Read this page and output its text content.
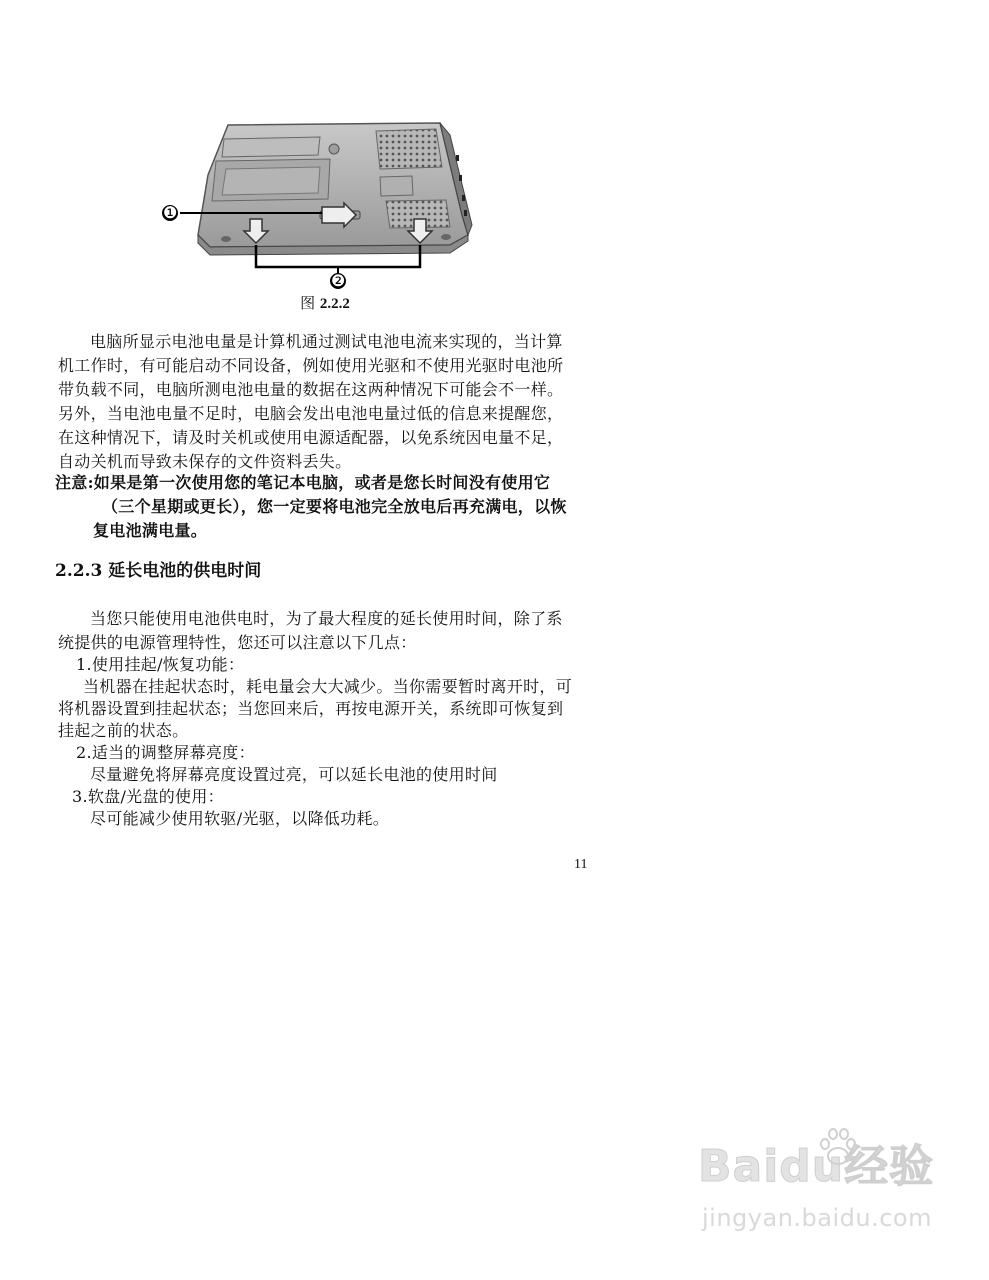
❶
❷
图 2.2.2
电脑所显示电池电量是计算机通过测试电池电流来实现的，当计算
机工作时，有可能启动不同设备，例如使用光驱和不使用光驱时电池所
带负载不同，电脑所测电池电量的数据在这两种情况下可能会不一样。
另外，当电池电量不足时，电脑会发出电池电量过低的信息来提醒您，
在这种情况下，请及时关机或使用电源适配器，以免系统因电量不足，
自动关机而导致未保存的文件资料丢失。
注意:如果是第一次使用您的笔记本电脑，或者是您长时间没有使用它
（三个星期或更长），您一定要将电池完全放电后再充满电，以恢
复电池满电量。
2.2.3 延长电池的供电时间
当您只能使用电池供电时，为了最大程度的延长使用时间，除了系
统提供的电源管理特性，您还可以注意以下几点：
1.使用挂起/恢复功能：
当机器在挂起状态时，耗电量会大大减少。当你需要暂时离开时，可
将机器设置到挂起状态；当您回来后，再按电源开关，系统即可恢复到
挂起之前的状态。
2.适当的调整屏幕亮度：
尽量避免将屏幕亮度设置过亮，可以延长电池的使用时间
3.软盘/光盘的使用：
尽可能减少使用软驱/光驱，以降低功耗。
11
Baidu经验
jingyan.baidu.com
